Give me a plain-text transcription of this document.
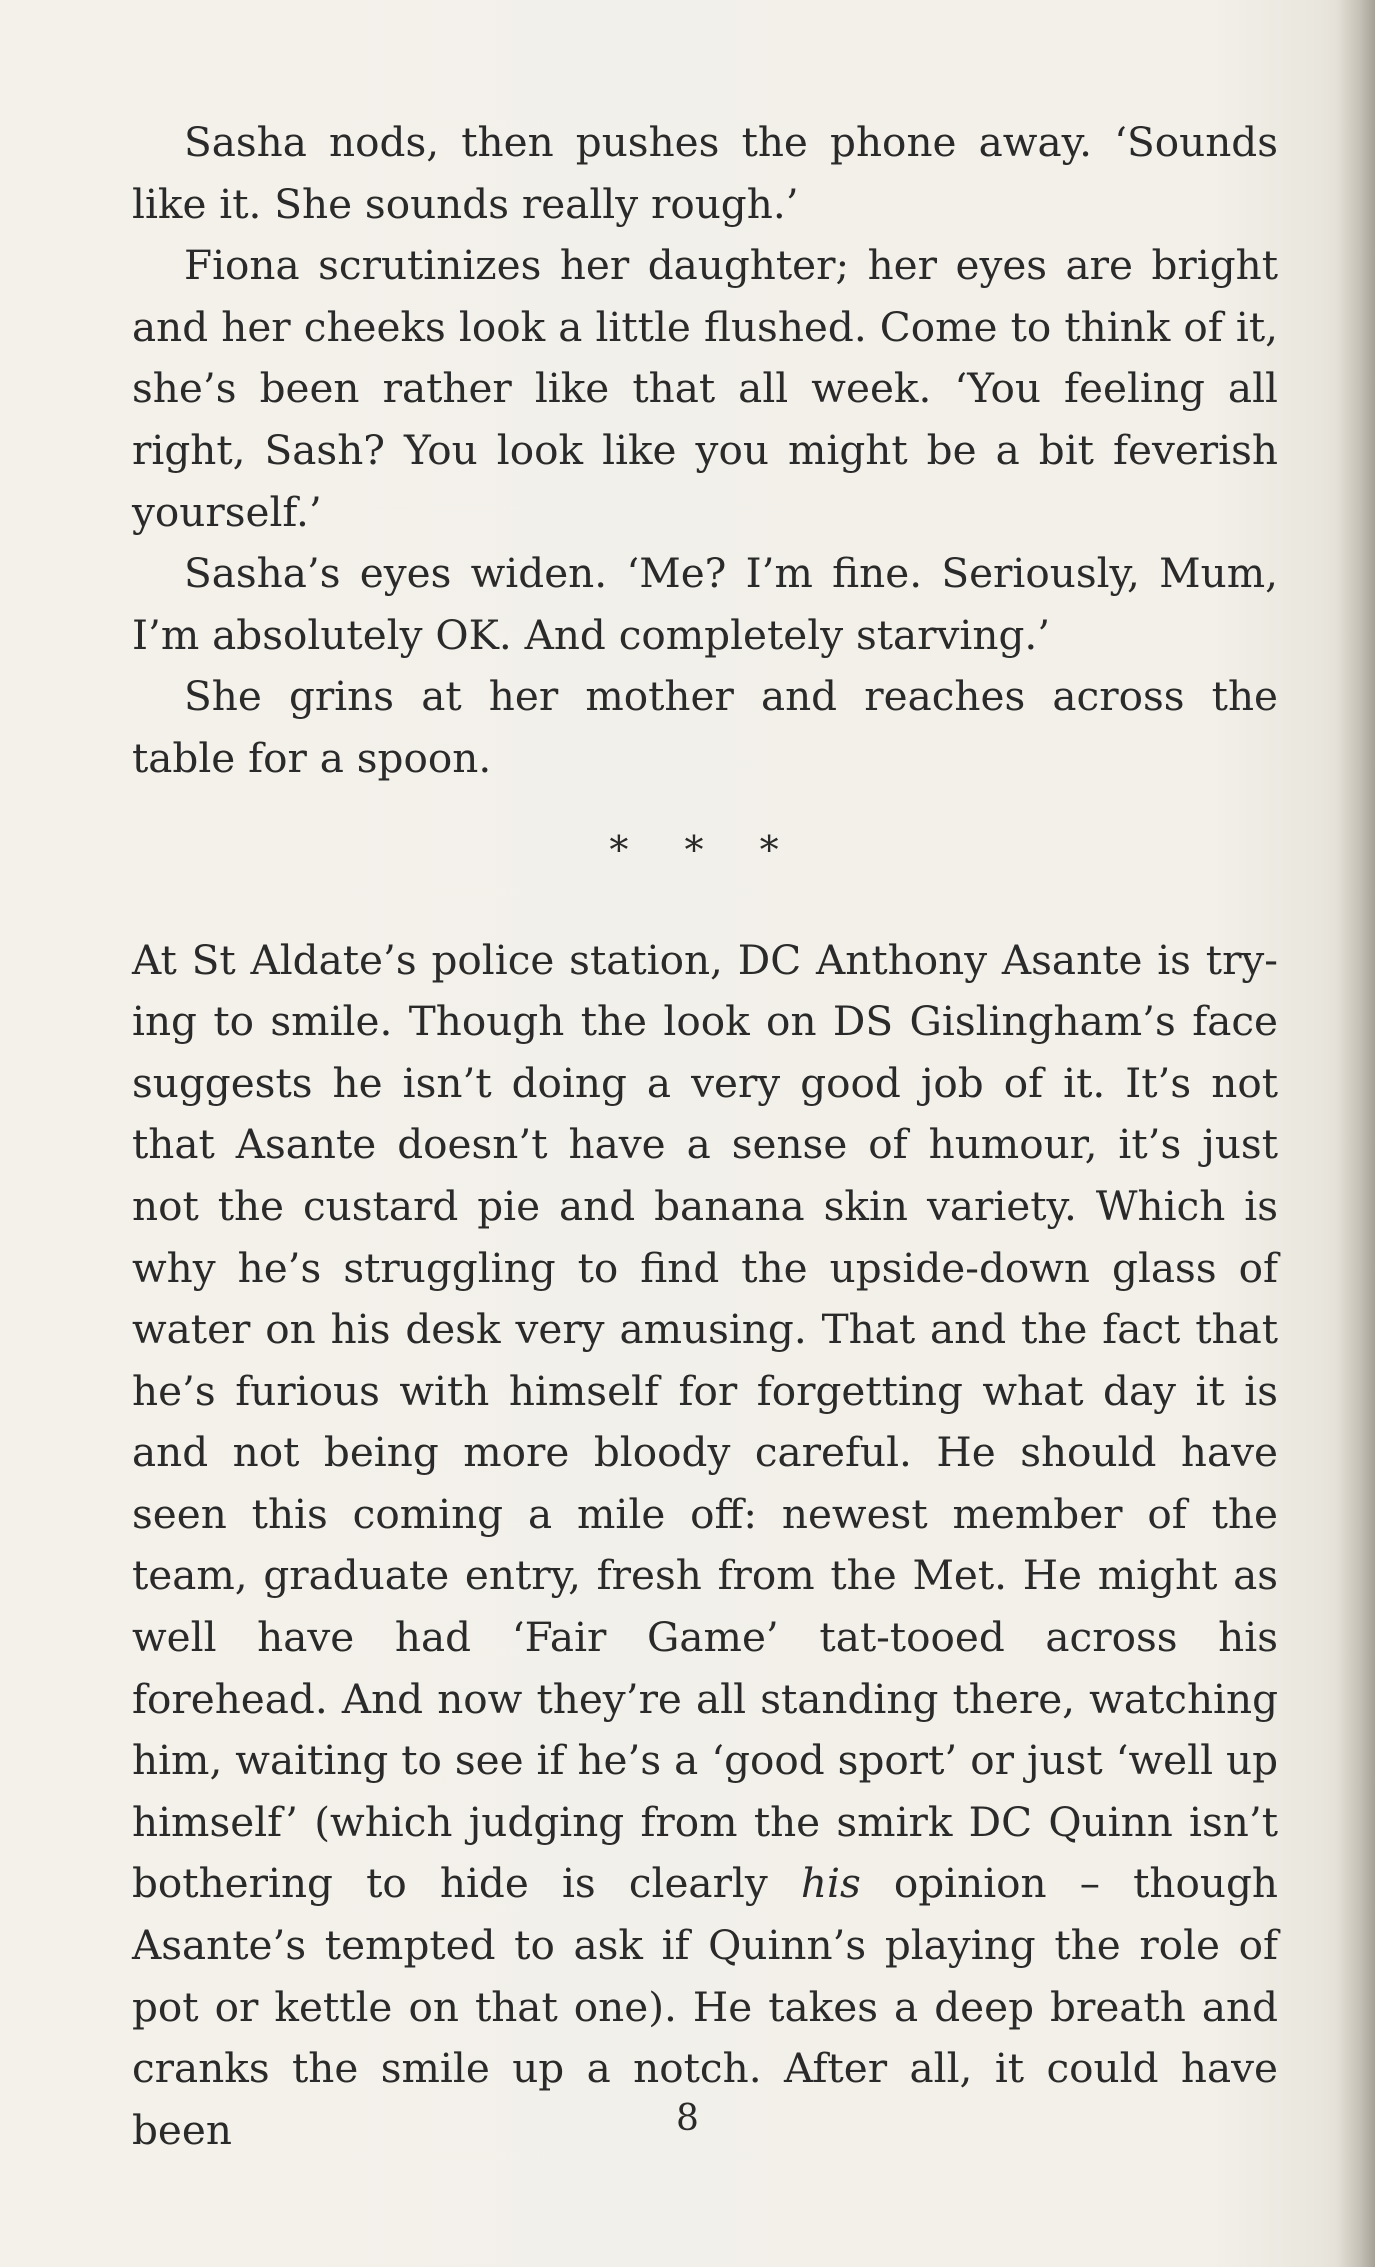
Sasha nods, then pushes the phone away. ‘Sounds like it. She sounds really rough.’

Fiona scrutinizes her daughter; her eyes are bright and her cheeks look a little flushed. Come to think of it, she’s been rather like that all week. ‘You feeling all right, Sash? You look like you might be a bit feverish yourself.’

Sasha’s eyes widen. ‘Me? I’m fine. Seriously, Mum, I’m absolutely OK. And completely starving.’

She grins at her mother and reaches across the table for a spoon.

* * *

At St Aldate’s police station, DC Anthony Asante is try-ing to smile. Though the look on DS Gislingham’s face suggests he isn’t doing a very good job of it. It’s not that Asante doesn’t have a sense of humour, it’s just not the custard pie and banana skin variety. Which is why he’s struggling to find the upside-down glass of water on his desk very amusing. That and the fact that he’s furious with himself for forgetting what day it is and not being more bloody careful. He should have seen this coming a mile off: newest member of the team, graduate entry, fresh from the Met. He might as well have had ‘Fair Game’ tat-tooed across his forehead. And now they’re all standing there, watching him, waiting to see if he’s a ‘good sport’ or just ‘well up himself’ (which judging from the smirk DC Quinn isn’t bothering to hide is clearly his opinion – though Asante’s tempted to ask if Quinn’s playing the role of pot or kettle on that one). He takes a deep breath and cranks the smile up a notch. After all, it could have been	8
